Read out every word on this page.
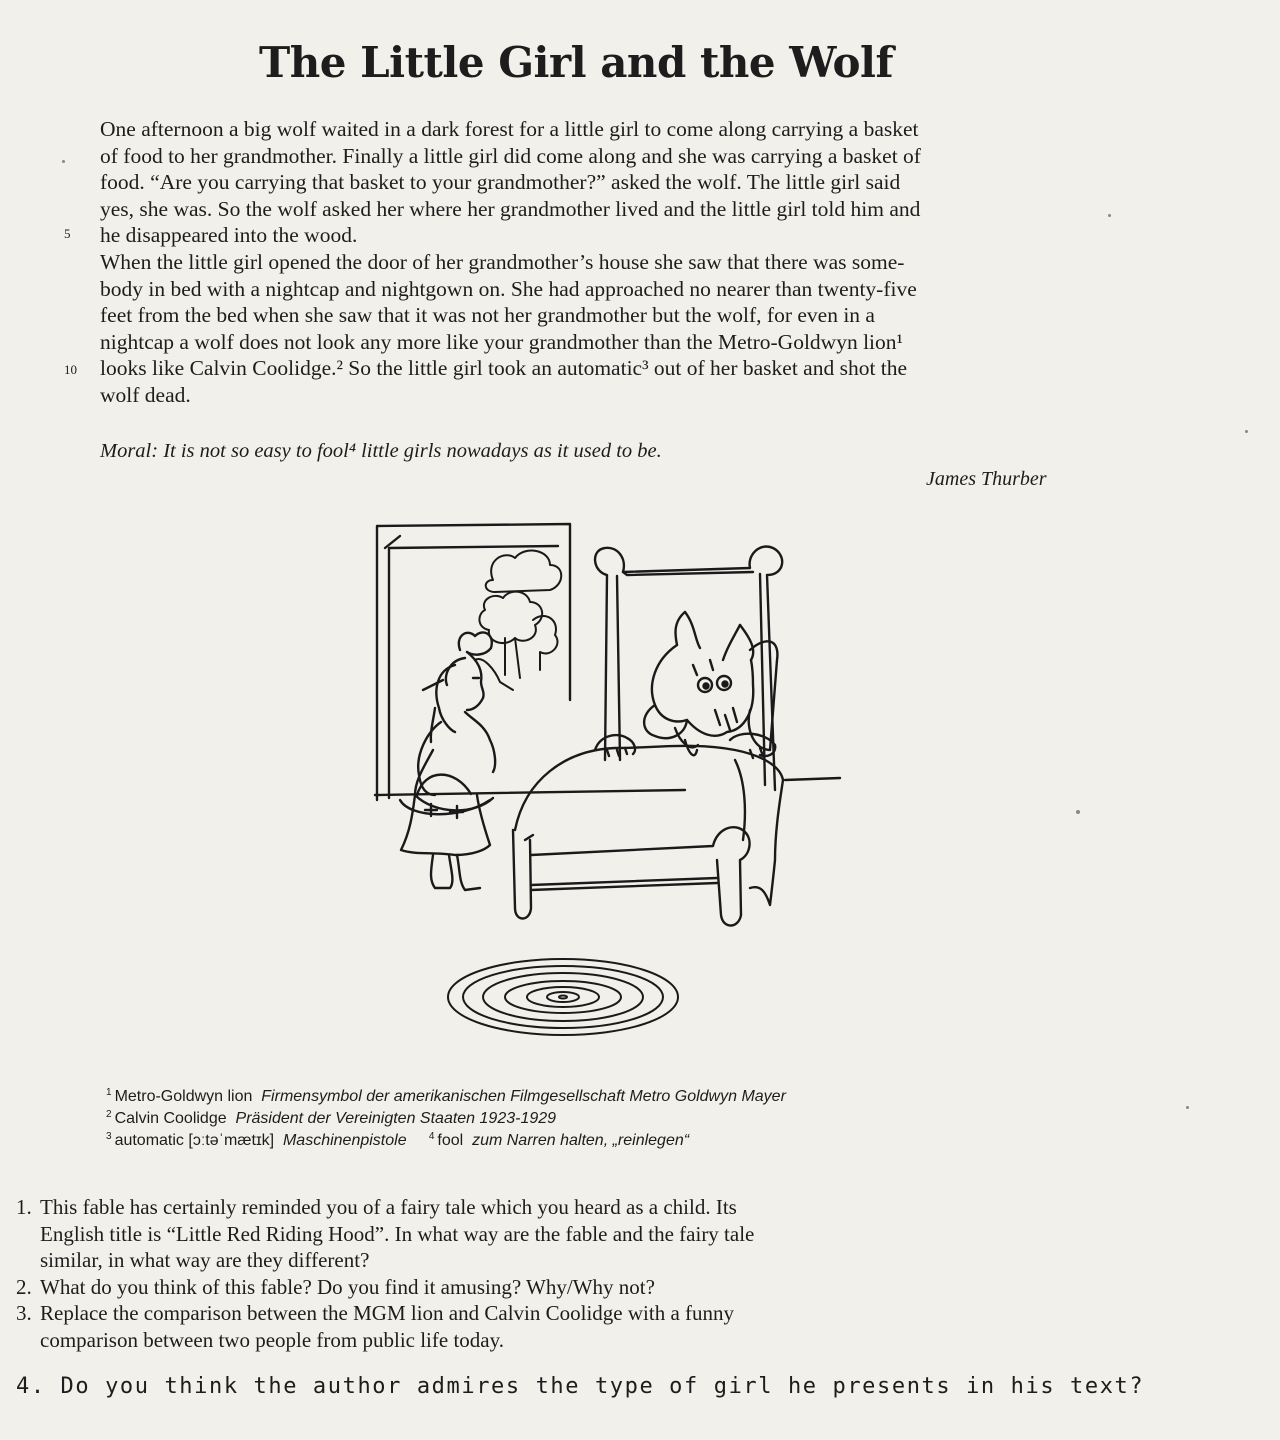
The Little Girl and the Wolf
One afternoon a big wolf waited in a dark forest for a little girl to come along carrying a basket
of food to her grandmother. Finally a little girl did come along and she was carrying a basket of
food. “Are you carrying that basket to your grandmother?” asked the wolf. The little girl said
yes, she was. So the wolf asked her where her grandmother lived and the little girl told him and
he disappeared into the wood.
When the little girl opened the door of her grandmother’s house she saw that there was some-
body in bed with a nightcap and nightgown on. She had approached no nearer than twenty-five
feet from the bed when she saw that it was not her grandmother but the wolf, for even in a
nightcap a wolf does not look any more like your grandmother than the Metro-Goldwyn lion¹
looks like Calvin Coolidge.² So the little girl took an automatic³ out of her basket and shot the
wolf dead.
5
10
Moral: It is not so easy to fool⁴ little girls nowadays as it used to be.
James Thurber
$^1$ Metro-Goldwyn lion Firmensymbol der amerikanischen Filmgesellschaft Metro Goldwyn Mayer
$^2$ Calvin Coolidge Präsident der Vereinigten Staaten 1923-1929
$^3$ automatic [ɔːtəˈmætɪk] Maschinenpistole $^4$ fool zum Narren halten, „reinlegen“
1. This fable has certainly reminded you of a fairy tale which you heard as a child. Its
English title is “Little Red Riding Hood”. In what way are the fable and the fairy tale
similar, in what way are they different?
2. What do you think of this fable? Do you find it amusing? Why/Why not?
3. Replace the comparison between the MGM lion and Calvin Coolidge with a funny
comparison between two people from public life today.
4. Do you think the author admires the type of girl he presents in his text?
